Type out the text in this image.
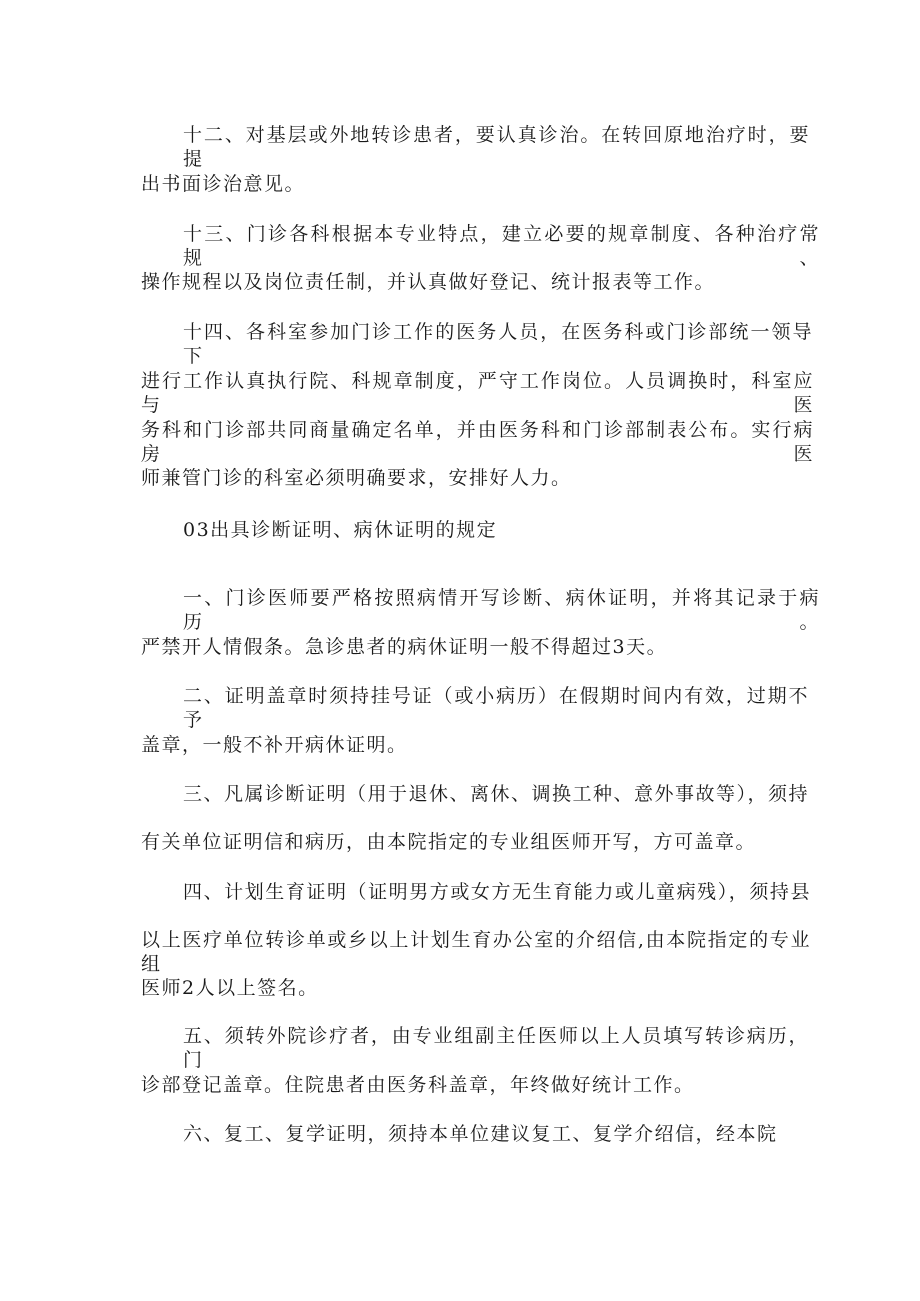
十二、对基层或外地转诊患者，要认真诊治。在转回原地治疗时，要提
出书面诊治意见。
十三、门诊各科根据本专业特点，建立必要的规章制度、各种治疗常规、
操作规程以及岗位责任制，并认真做好登记、统计报表等工作。
十四、各科室参加门诊工作的医务人员，在医务科或门诊部统一领导下
进行工作认真执行院、科规章制度，严守工作岗位。人员调换时，科室应与医
务科和门诊部共同商量确定名单，并由医务科和门诊部制表公布。实行病房医
师兼管门诊的科室必须明确要求，安排好人力。
03出具诊断证明、病休证明的规定
一、门诊医师要严格按照病情开写诊断、病休证明，并将其记录于病历。
严禁开人情假条。急诊患者的病休证明一般不得超过3天。
二、证明盖章时须持挂号证（或小病历）在假期时间内有效，过期不予
盖章，一般不补开病休证明。
三、凡属诊断证明（用于退休、离休、调换工种、意外事故等），须持
有关单位证明信和病历，由本院指定的专业组医师开写，方可盖章。
四、计划生育证明（证明男方或女方无生育能力或儿童病残），须持县
以上医疗单位转诊单或乡以上计划生育办公室的介绍信,由本院指定的专业组
医师2人以上签名。
五、须转外院诊疗者，由专业组副主任医师以上人员填写转诊病历，门
诊部登记盖章。住院患者由医务科盖章，年终做好统计工作。
六、复工、复学证明，须持本单位建议复工、复学介绍信，经本院
